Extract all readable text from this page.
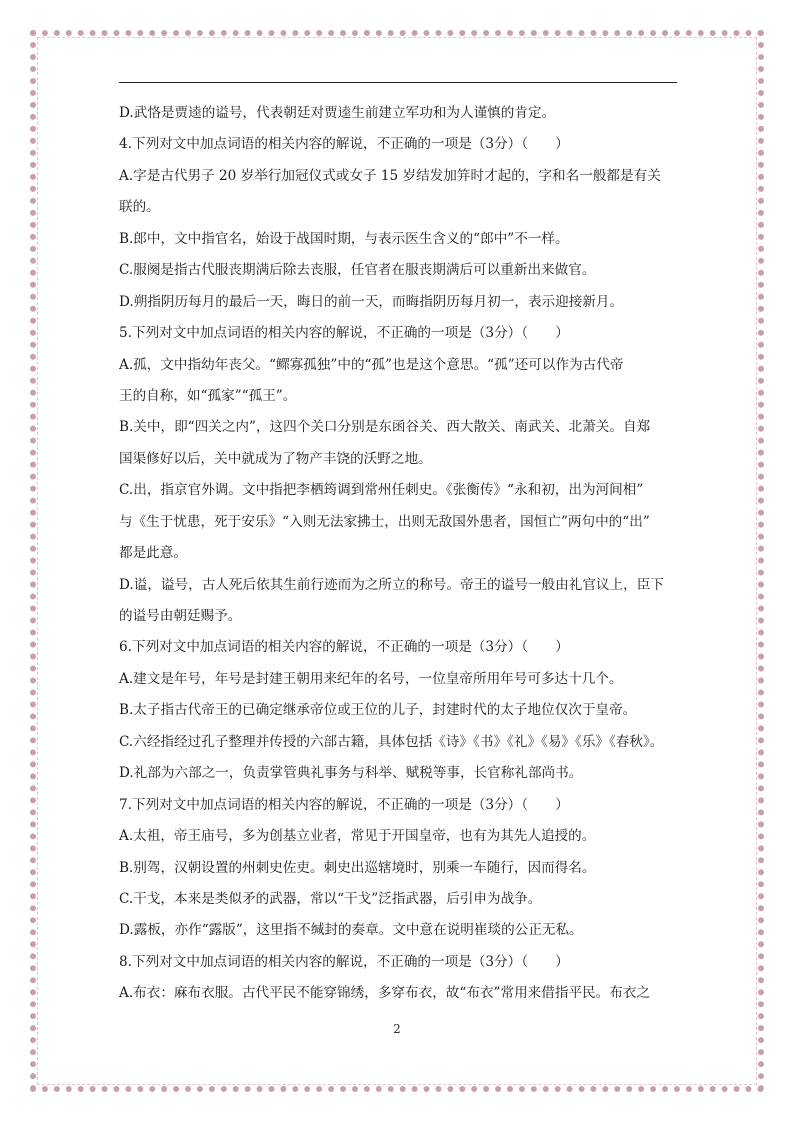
D.武恪是贾逵的谥号，代表朝廷对贾逵生前建立军功和为人谨慎的肯定。
4.下列对文中加点词语的相关内容的解说，不正确的一项是（3分）（　　）
A.字是古代男子 20 岁举行加冠仪式或女子 15 岁结发加笄时才起的，字和名一般都是有关
联的。
B.郎中，文中指官名，始设于战国时期，与表示医生含义的“郎中”不一样。
C.服阕是指古代服丧期满后除去丧服，任官者在服丧期满后可以重新出来做官。
D.朔指阴历每月的最后一天，晦日的前一天，而晦指阴历每月初一，表示迎接新月。
5.下列对文中加点词语的相关内容的解说，不正确的一项是（3分）（　　）
A.孤，文中指幼年丧父。“鳏寡孤独”中的“孤”也是这个意思。“孤”还可以作为古代帝
王的自称，如“孤家”“孤王”。
B.关中，即“四关之内”，这四个关口分别是东函谷关、西大散关、南武关、北萧关。自郑
国渠修好以后，关中就成为了物产丰饶的沃野之地。
C.出，指京官外调。文中指把李栖筠调到常州任刺史。《张衡传》“永和初，出为河间相”
与《生于忧患，死于安乐》“入则无法家拂士，出则无敌国外患者，国恒亡”两句中的“出”
都是此意。
D.谥，谥号，古人死后依其生前行迹而为之所立的称号。帝王的谥号一般由礼官议上，臣下
的谥号由朝廷赐予。
6.下列对文中加点词语的相关内容的解说，不正确的一项是（3分）（　　）
A.建文是年号，年号是封建王朝用来纪年的名号，一位皇帝所用年号可多达十几个。
B.太子指古代帝王的已确定继承帝位或王位的儿子，封建时代的太子地位仅次于皇帝。
C.六经指经过孔子整理并传授的六部古籍，具体包括《诗》《书》《礼》《易》《乐》《春秋》。
D.礼部为六部之一，负责掌管典礼事务与科举、赋税等事，长官称礼部尚书。
7.下列对文中加点词语的相关内容的解说，不正确的一项是（3分）（　　）
A.太祖，帝王庙号，多为创基立业者，常见于开国皇帝，也有为其先人追授的。
B.别驾，汉朝设置的州刺史佐吏。刺史出巡辖境时，别乘一车随行，因而得名。
C.干戈，本来是类似矛的武器，常以“干戈”泛指武器，后引申为战争。
D.露板，亦作“露版”，这里指不缄封的奏章。文中意在说明崔琰的公正无私。
8.下列对文中加点词语的相关内容的解说，不正确的一项是（3分）（　　）
A.布衣：麻布衣服。古代平民不能穿锦绣，多穿布衣，故“布衣”常用来借指平民。布衣之
2
